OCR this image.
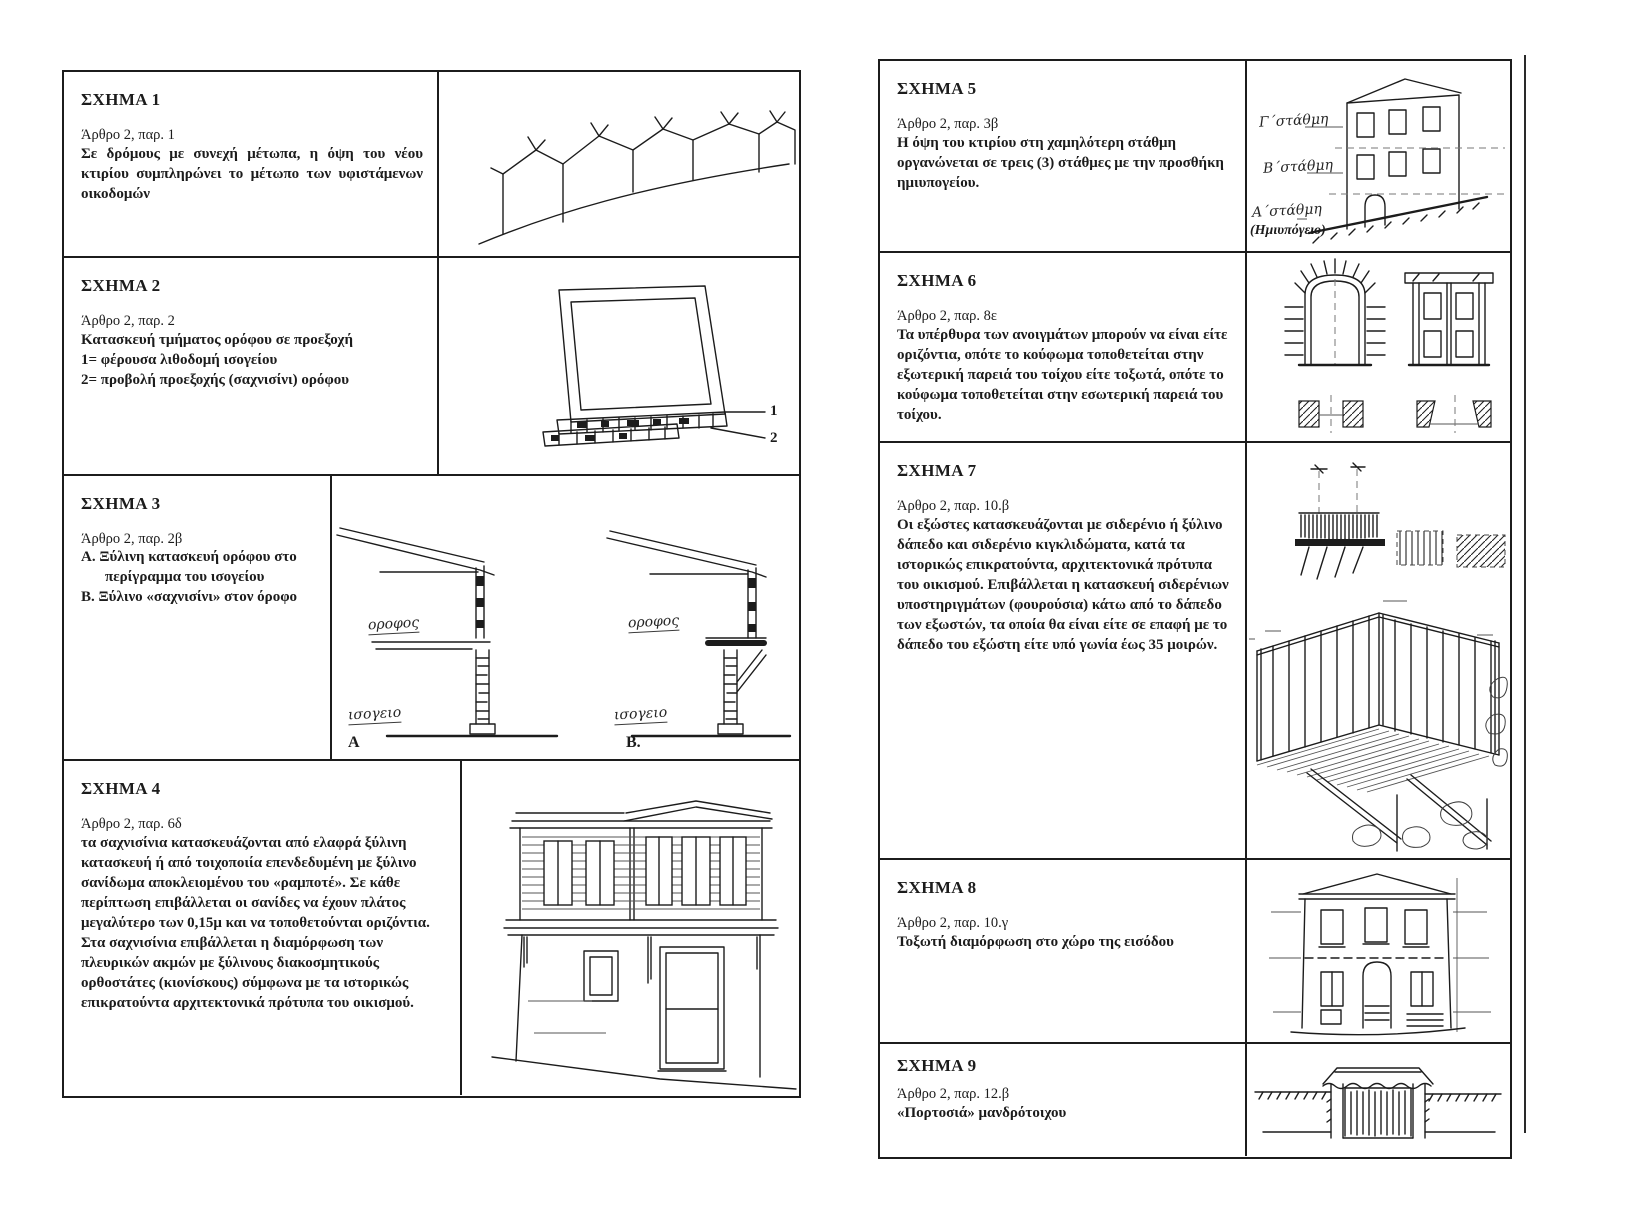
ΣΧΗΜΑ 1
Άρθρο 2, παρ. 1
Σε δρόμους με συνεχή μέτωπα, η όψη του νέου κτιρίου συμπληρώνει το μέτωπο των υφιστάμενων οικοδομών
ΣΧΗΜΑ 2
Άρθρο 2, παρ. 2
Κατασκευή τμήματος ορόφου σε προεξοχή
1= φέρουσα λιθοδομή ισογείου
2= προβολή προεξοχής (σαχνισίνι) ορόφου
1
2
ΣΧΗΜΑ 3
Άρθρο 2, παρ. 2β
Α. Ξύλινη κατασκευή ορόφου στο περίγραμμα του ισογείου
Β. Ξύλινο «σαχνισίνι» στον όροφο
οροφος
ισογειο
οροφος
ισογειο
Α	Β.
ΣΧΗΜΑ 4
Άρθρο 2, παρ. 6δ
τα σαχνισίνια κατασκευάζονται από ελαφρά ξύλινη κατασκευή ή από τοιχοποιία επενδεδυμένη με ξύλινο σανίδωμα αποκλειομένου του «ραμποτέ». Σε κάθε περίπτωση επιβάλλεται οι σανίδες να έχουν πλάτος μεγαλύτερο των 0,15μ και να τοποθετούνται οριζόντια. Στα σαχνισίνια επιβάλλεται η διαμόρφωση των πλευρικών ακμών με ξύλινους διακοσμητικούς ορθοστάτες (κιονίσκους) σύμφωνα με τα ιστορικώς επικρατούντα αρχιτεκτονικά πρότυπα του οικισμού.
ΣΧΗΜΑ 5
Άρθρο 2, παρ. 3β
Η όψη του κτιρίου στη χαμηλότερη στάθμη οργανώνεται σε τρεις (3) στάθμες με την προσθήκη ημιυπογείου.
Γ΄στάθμη
Β΄στάθμη
Α΄στάθμη
(Ημιυπόγειο)
ΣΧΗΜΑ 6
Άρθρο 2, παρ. 8ε
Τα υπέρθυρα των ανοιγμάτων μπορούν να είναι είτε οριζόντια, οπότε το κούφωμα τοποθετείται στην εξωτερική παρειά του τοίχου είτε τοξωτά, οπότε το κούφωμα τοποθετείται στην εσωτερική παρειά του τοίχου.
ΣΧΗΜΑ 7
Άρθρο 2, παρ. 10.β
Οι εξώστες κατασκευάζονται με σιδερένιο ή ξύλινο δάπεδο και σιδερένιο κιγκλιδώματα, κατά τα ιστορικώς επικρατούντα, αρχιτεκτονικά πρότυπα του οικισμού. Επιβάλλεται η κατασκευή σιδερένιων υποστηριγμάτων (φουρούσια) κάτω από το δάπεδο των εξωστών, τα οποία θα είναι είτε σε επαφή με το δάπεδο του εξώστη είτε υπό γωνία έως 35 μοιρών.
ΣΧΗΜΑ 8
Άρθρο 2, παρ. 10.γ
Τοξωτή διαμόρφωση στο χώρο της εισόδου
ΣΧΗΜΑ 9
Άρθρο 2, παρ. 12.β
«Πορτοσιά» μανδρότοιχου
